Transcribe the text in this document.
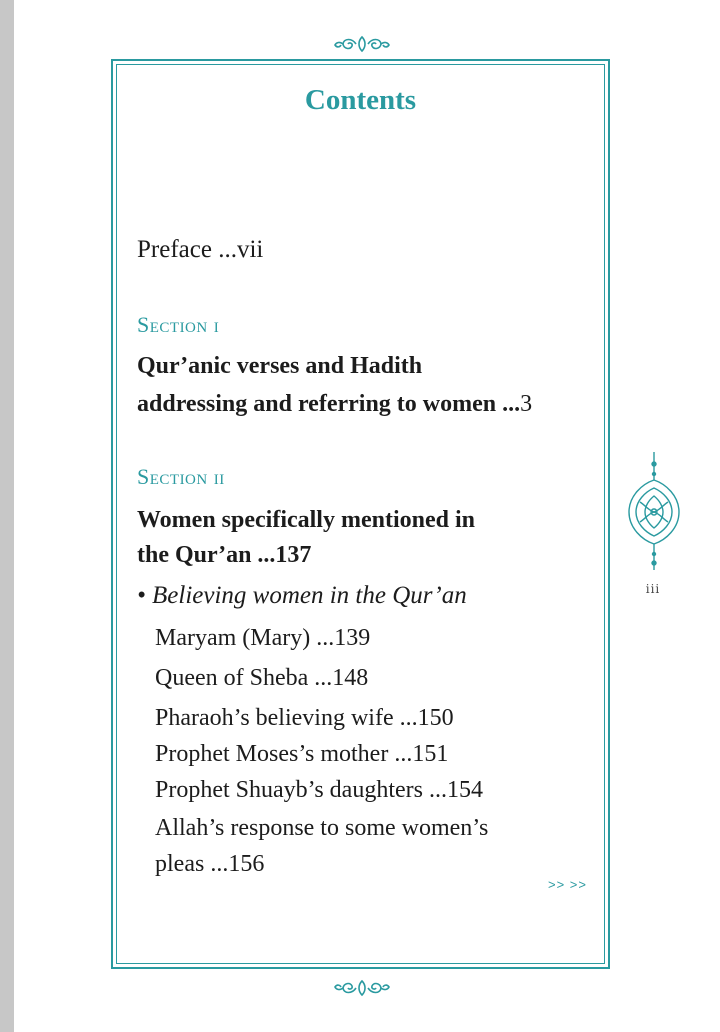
Contents
Preface ...vii
Section i
Qur’anic verses and Hadith
addressing and referring to women ...3
Section ii
Women specifically mentioned in
the Qur’an ...137
• Believing women in the Qur’an
Maryam (Mary) ...139
Queen of Sheba ...148
Pharaoh’s believing wife ...150
Prophet Moses’s mother ...151
Prophet Shuayb’s daughters ...154
Allah’s response to some women’s
pleas ...156
>> >>
iii
